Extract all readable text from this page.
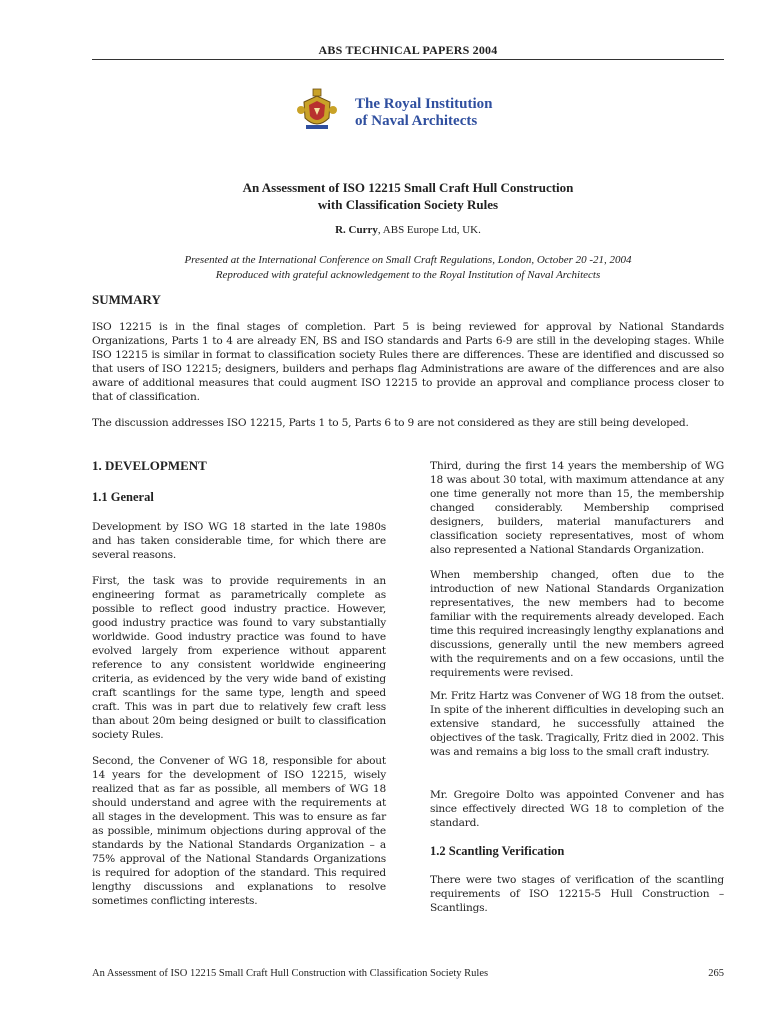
ABS TECHNICAL PAPERS 2004
The Royal Institution
of Naval Architects
An Assessment of ISO 12215 Small Craft Hull Construction
with Classification Society Rules
R. Curry, ABS Europe Ltd, UK.
Presented at the International Conference on Small Craft Regulations, London, October 20 -21, 2004
Reproduced with grateful acknowledgement to the Royal Institution of Naval Architects
SUMMARY

ISO 12215 is in the final stages of completion. Part 5 is being reviewed for approval by National Standards Organizations, Parts 1 to 4 are already EN, BS and ISO standards and Parts 6-9 are still in the developing stages. While ISO 12215 is similar in format to classification society Rules there are differences. These are identified and discussed so that users of ISO 12215; designers, builders and perhaps flag Administrations are aware of the differences and are also aware of additional measures that could augment ISO 12215 to provide an approval and compliance process closer to that of classification.

The discussion addresses ISO 12215, Parts 1 to 5, Parts 6 to 9 are not considered as they are still being developed.

1. DEVELOPMENT
1.1 General

Development by ISO WG 18 started in the late 1980s and has taken considerable time, for which there are several reasons.

First, the task was to provide requirements in an engineering format as parametrically complete as possible to reflect good industry practice. However, good industry practice was found to vary substantially worldwide. Good industry practice was found to have evolved largely from experience without apparent reference to any consistent worldwide engineering criteria, as evidenced by the very wide band of existing craft scantlings for the same type, length and speed craft. This was in part due to relatively few craft less than about 20m being designed or built to classification society Rules.

Second, the Convener of WG 18, responsible for about 14 years for the development of ISO 12215, wisely realized that as far as possible, all members of WG 18 should understand and agree with the requirements at all stages in the development. This was to ensure as far as possible, minimum objections during approval of the standards by the National Standards Organization – a 75% approval of the National Standards Organizations is required for adoption of the standard. This required lengthy discussions and explanations to resolve sometimes conflicting interests.

Third, during the first 14 years the membership of WG 18 was about 30 total, with maximum attendance at any one time generally not more than 15, the membership changed considerably. Membership comprised designers, builders, material manufacturers and classification society representatives, most of whom also represented a National Standards Organization.

When membership changed, often due to the introduction of new National Standards Organization representatives, the new members had to become familiar with the requirements already developed. Each time this required increasingly lengthy explanations and discussions, generally until the new members agreed with the requirements and on a few occasions, until the requirements were revised.

Mr. Fritz Hartz was Convener of WG 18 from the outset. In spite of the inherent difficulties in developing such an extensive standard, he successfully attained the objectives of the task. Tragically, Fritz died in 2002. This was and remains a big loss to the small craft industry.

Mr. Gregoire Dolto was appointed Convener and has since effectively directed WG 18 to completion of the standard.

1.2 Scantling Verification

There were two stages of verification of the scantling requirements of ISO 12215-5 Hull Construction – Scantlings.

An Assessment of ISO 12215 Small Craft Hull Construction with Classification Society Rules	265
